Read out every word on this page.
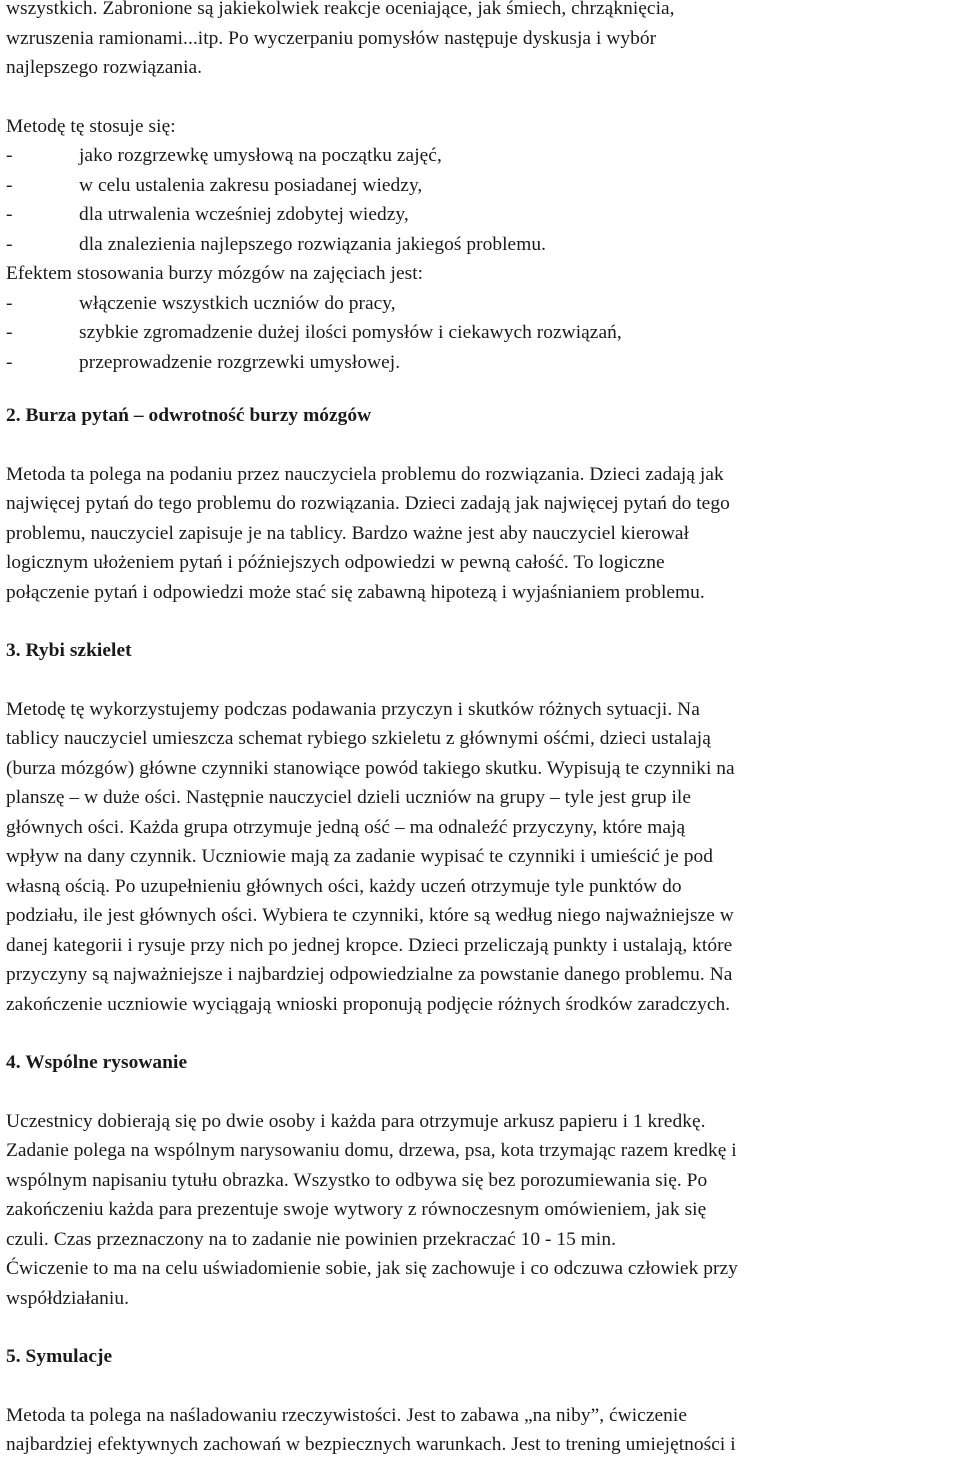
wszystkich. Zabronione są jakiekolwiek reakcje oceniające, jak śmiech, chrząknięcia,

wzruszenia ramionami...itp. Po wyczerpaniu pomysłów następuje dyskusja i wybór

najlepszego rozwiązania.

Metodę tę stosuje się:

-	jako rozgrzewkę umysłową na początku zajęć,
-	w celu ustalenia zakresu posiadanej wiedzy,
-	dla utrwalenia wcześniej zdobytej wiedzy,
-	dla znalezienia najlepszego rozwiązania jakiegoś problemu.

Efektem stosowania burzy mózgów na zajęciach jest:

-	włączenie wszystkich uczniów do pracy,
-	szybkie zgromadzenie dużej ilości pomysłów i ciekawych rozwiązań,
-	przeprowadzenie rozgrzewki umysłowej.

2. Burza pytań – odwrotność burzy mózgów

Metoda ta polega na podaniu przez nauczyciela problemu do rozwiązania. Dzieci zadają jak

najwięcej pytań do tego problemu do rozwiązania. Dzieci zadają jak najwięcej pytań do tego

problemu, nauczyciel zapisuje je na tablicy. Bardzo ważne jest aby nauczyciel kierował

logicznym ułożeniem pytań i późniejszych odpowiedzi w pewną całość. To logiczne

połączenie pytań i odpowiedzi może stać się zabawną hipotezą i wyjaśnianiem problemu.

3. Rybi szkielet

Metodę tę wykorzystujemy podczas podawania przyczyn i skutków różnych sytuacji. Na

tablicy nauczyciel umieszcza schemat rybiego szkieletu z głównymi ośćmi, dzieci ustalają

(burza mózgów) główne czynniki stanowiące powód takiego skutku. Wypisują te czynniki na

planszę – w duże ości. Następnie nauczyciel dzieli uczniów na grupy – tyle jest grup ile

głównych ości. Każda grupa otrzymuje jedną ość – ma odnaleźć przyczyny, które mają

wpływ na dany czynnik. Uczniowie mają za zadanie wypisać te czynniki i umieścić je pod

własną ością. Po uzupełnieniu głównych ości, każdy uczeń otrzymuje tyle punktów do

podziału, ile jest głównych ości. Wybiera te czynniki, które są według niego najważniejsze w

danej kategorii i rysuje przy nich po jednej kropce. Dzieci przeliczają punkty i ustalają, które

przyczyny są najważniejsze i najbardziej odpowiedzialne za powstanie danego problemu. Na

zakończenie uczniowie wyciągają wnioski proponują podjęcie różnych środków zaradczych.

4. Wspólne rysowanie

Uczestnicy dobierają się po dwie osoby i każda para otrzymuje arkusz papieru i 1 kredkę.

Zadanie polega na wspólnym narysowaniu domu, drzewa, psa, kota trzymając razem kredkę i

wspólnym napisaniu tytułu obrazka. Wszystko to odbywa się bez porozumiewania się. Po

zakończeniu każda para prezentuje swoje wytwory z równoczesnym omówieniem, jak się

czuli. Czas przeznaczony na to zadanie nie powinien przekraczać 10 - 15 min.

Ćwiczenie to ma na celu uświadomienie sobie, jak się zachowuje i co odczuwa człowiek przy

współdziałaniu.

5. Symulacje

Metoda ta polega na naśladowaniu rzeczywistości. Jest to zabawa „na niby”, ćwiczenie

najbardziej efektywnych zachowań w bezpiecznych warunkach. Jest to trening umiejętności i
